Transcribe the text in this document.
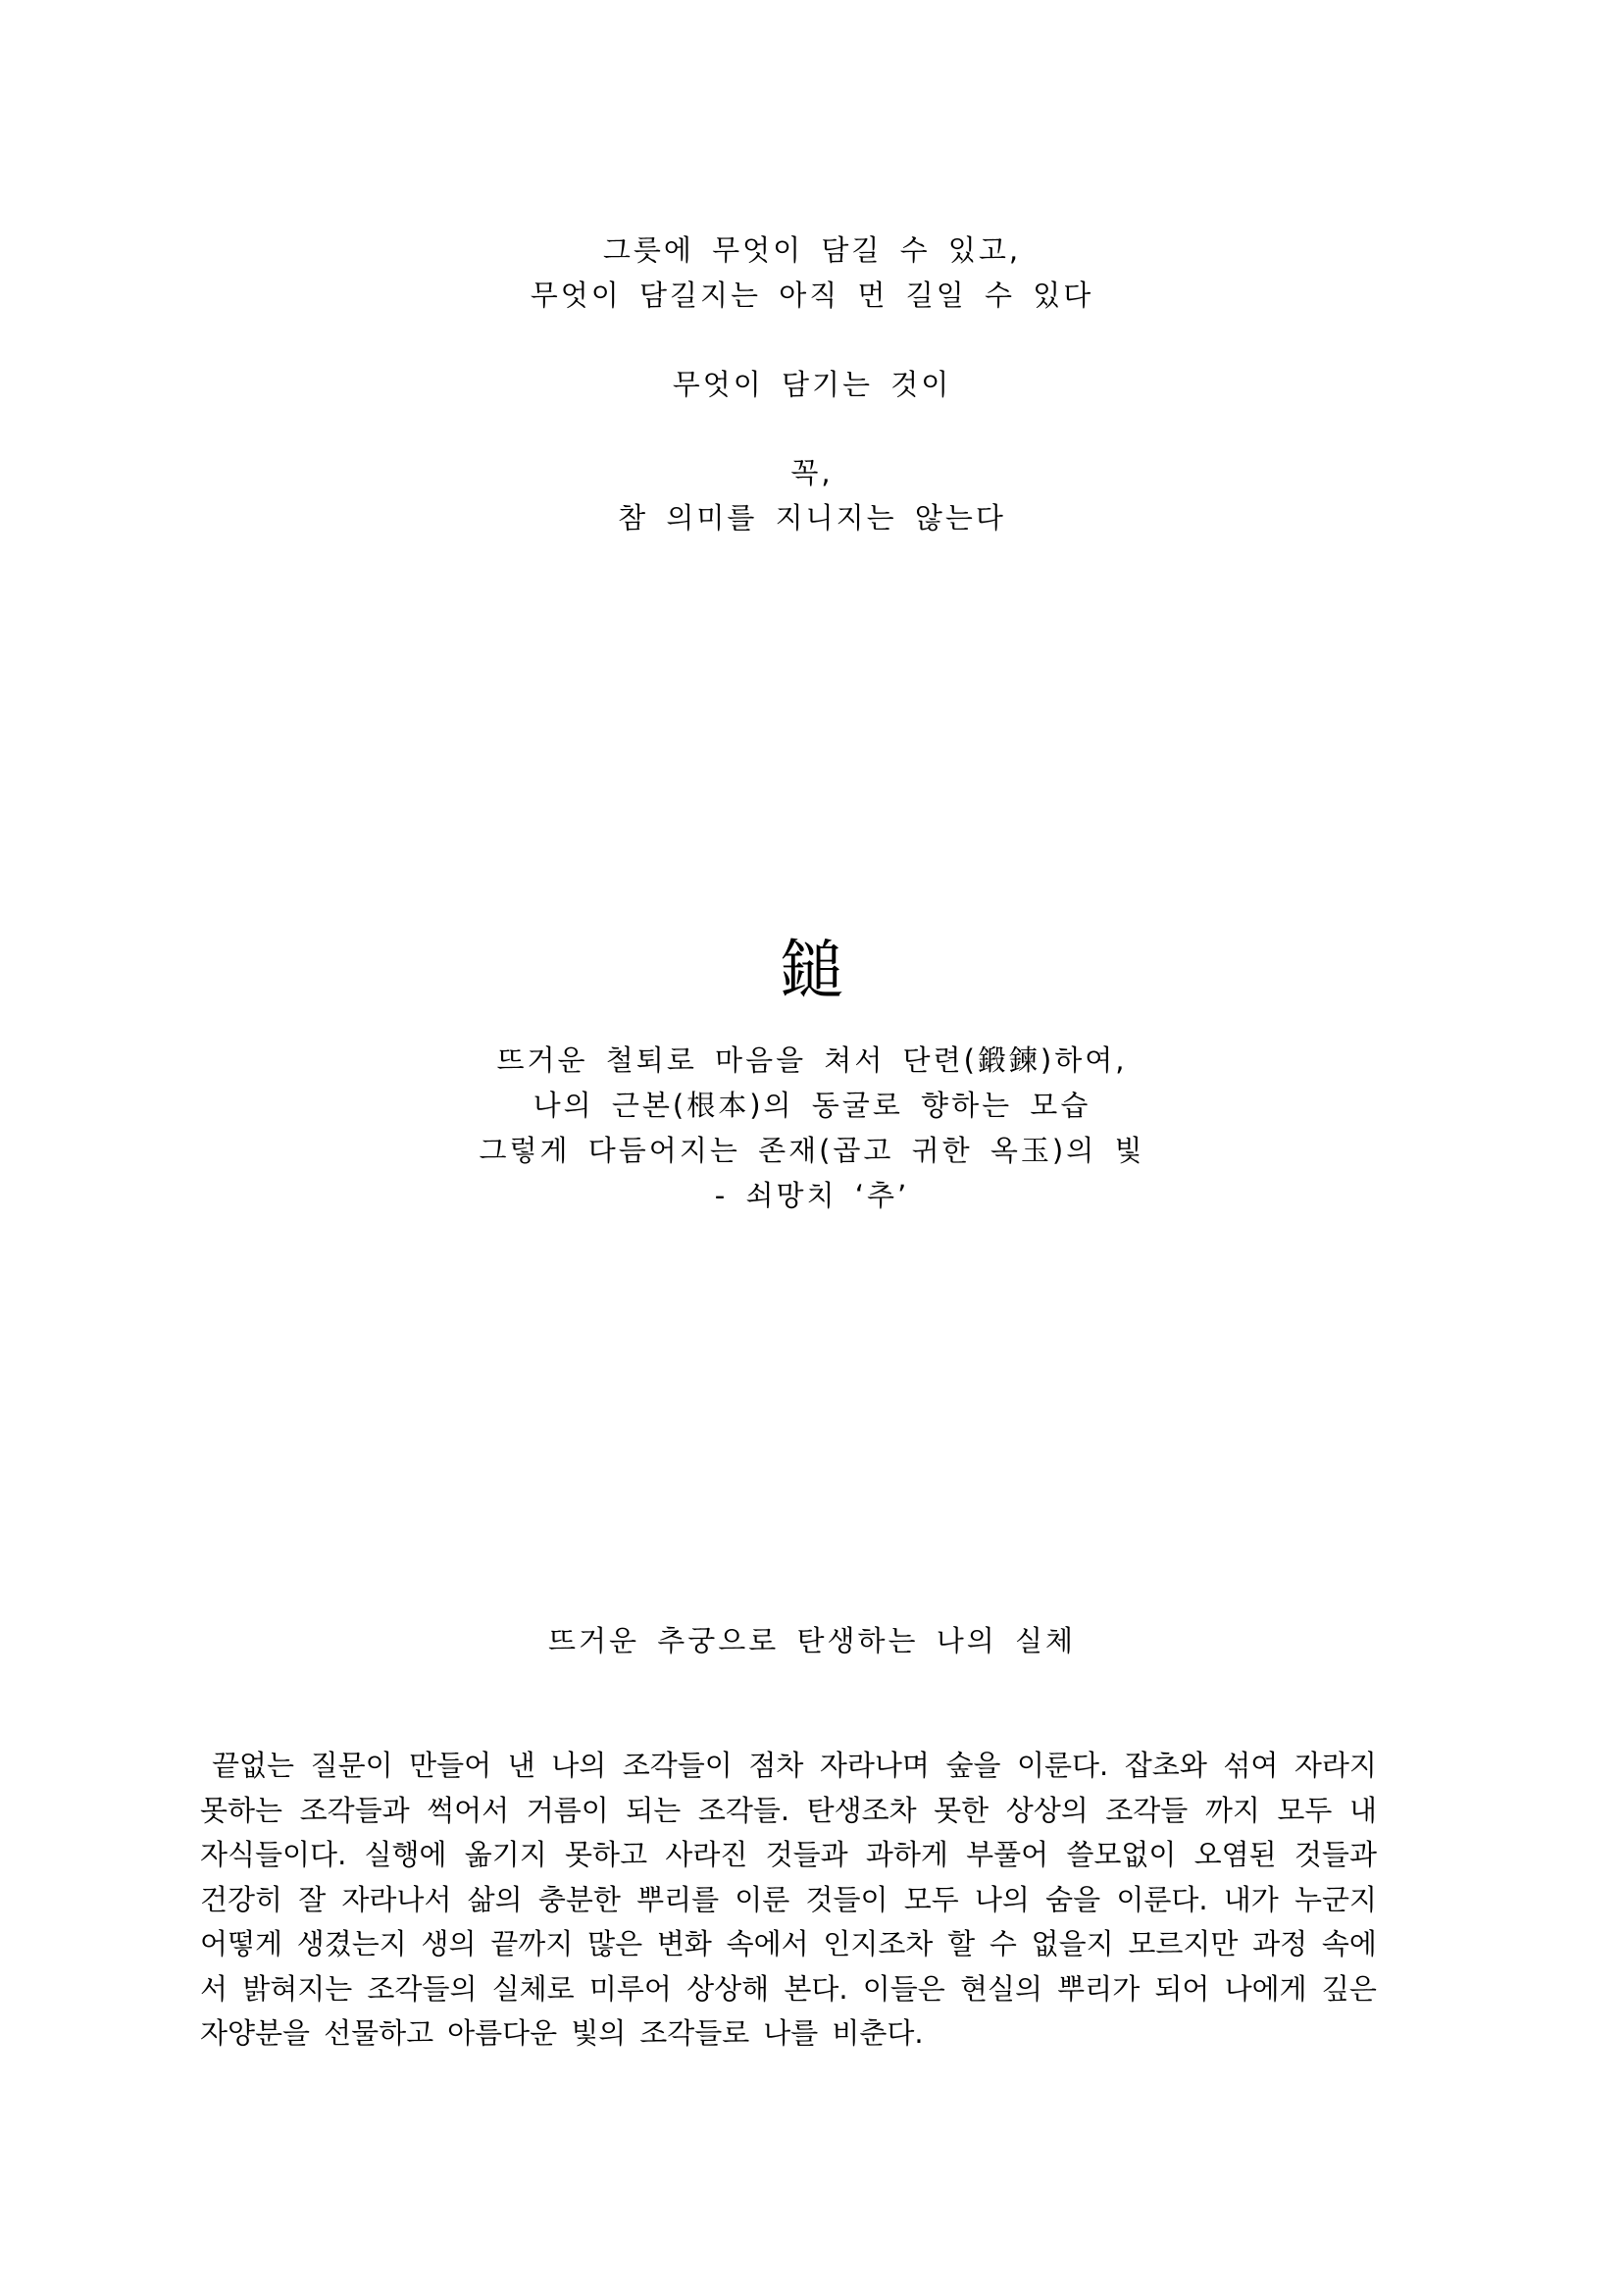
그릇에 무엇이 담길 수 있고,
무엇이 담길지는 아직 먼 길일 수 있다
무엇이 담기는 것이
꼭,
참 의미를 지니지는 않는다
鎚
뜨거운 철퇴로 마음을 쳐서 단련(鍛鍊)하여,
나의 근본(根本)의 동굴로 향하는 모습
그렇게 다듬어지는 존재(곱고 귀한 옥玉)의 빛
- 쇠망치 ‘추’
뜨거운 추궁으로 탄생하는 나의 실체
끝없는 질문이 만들어 낸 나의 조각들이 점차 자라나며 숲을 이룬다. 잡초와 섞여 자라지
못하는 조각들과 썩어서 거름이 되는 조각들. 탄생조차 못한 상상의 조각들 까지 모두 내
자식들이다. 실행에 옮기지 못하고 사라진 것들과 과하게 부풀어 쓸모없이 오염된 것들과
건강히 잘 자라나서 삶의 충분한 뿌리를 이룬 것들이 모두 나의 숨을 이룬다. 내가 누군지
어떻게 생겼는지 생의 끝까지 많은 변화 속에서 인지조차 할 수 없을지 모르지만 과정 속에
서 밝혀지는 조각들의 실체로 미루어 상상해 본다. 이들은 현실의 뿌리가 되어 나에게 깊은
자양분을 선물하고 아름다운 빛의 조각들로 나를 비춘다.
